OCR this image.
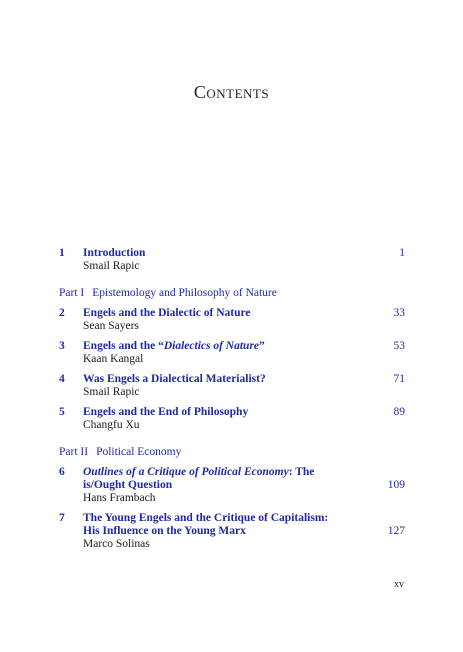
Contents
1 Introduction
Smail Rapic
1
Part I Epistemology and Philosophy of Nature
2 Engels and the Dialectic of Nature
Sean Sayers
33
3 Engels and the “Dialectics of Nature”
Kaan Kangal
53
4 Was Engels a Dialectical Materialist?
Smail Rapic
71
5 Engels and the End of Philosophy
Changfu Xu
89
Part II Political Economy
6 Outlines of a Critique of Political Economy: The
is/Ought Question
Hans Frambach
109
7 The Young Engels and the Critique of Capitalism:
His Influence on the Young Marx
Marco Solinas
127
xv
